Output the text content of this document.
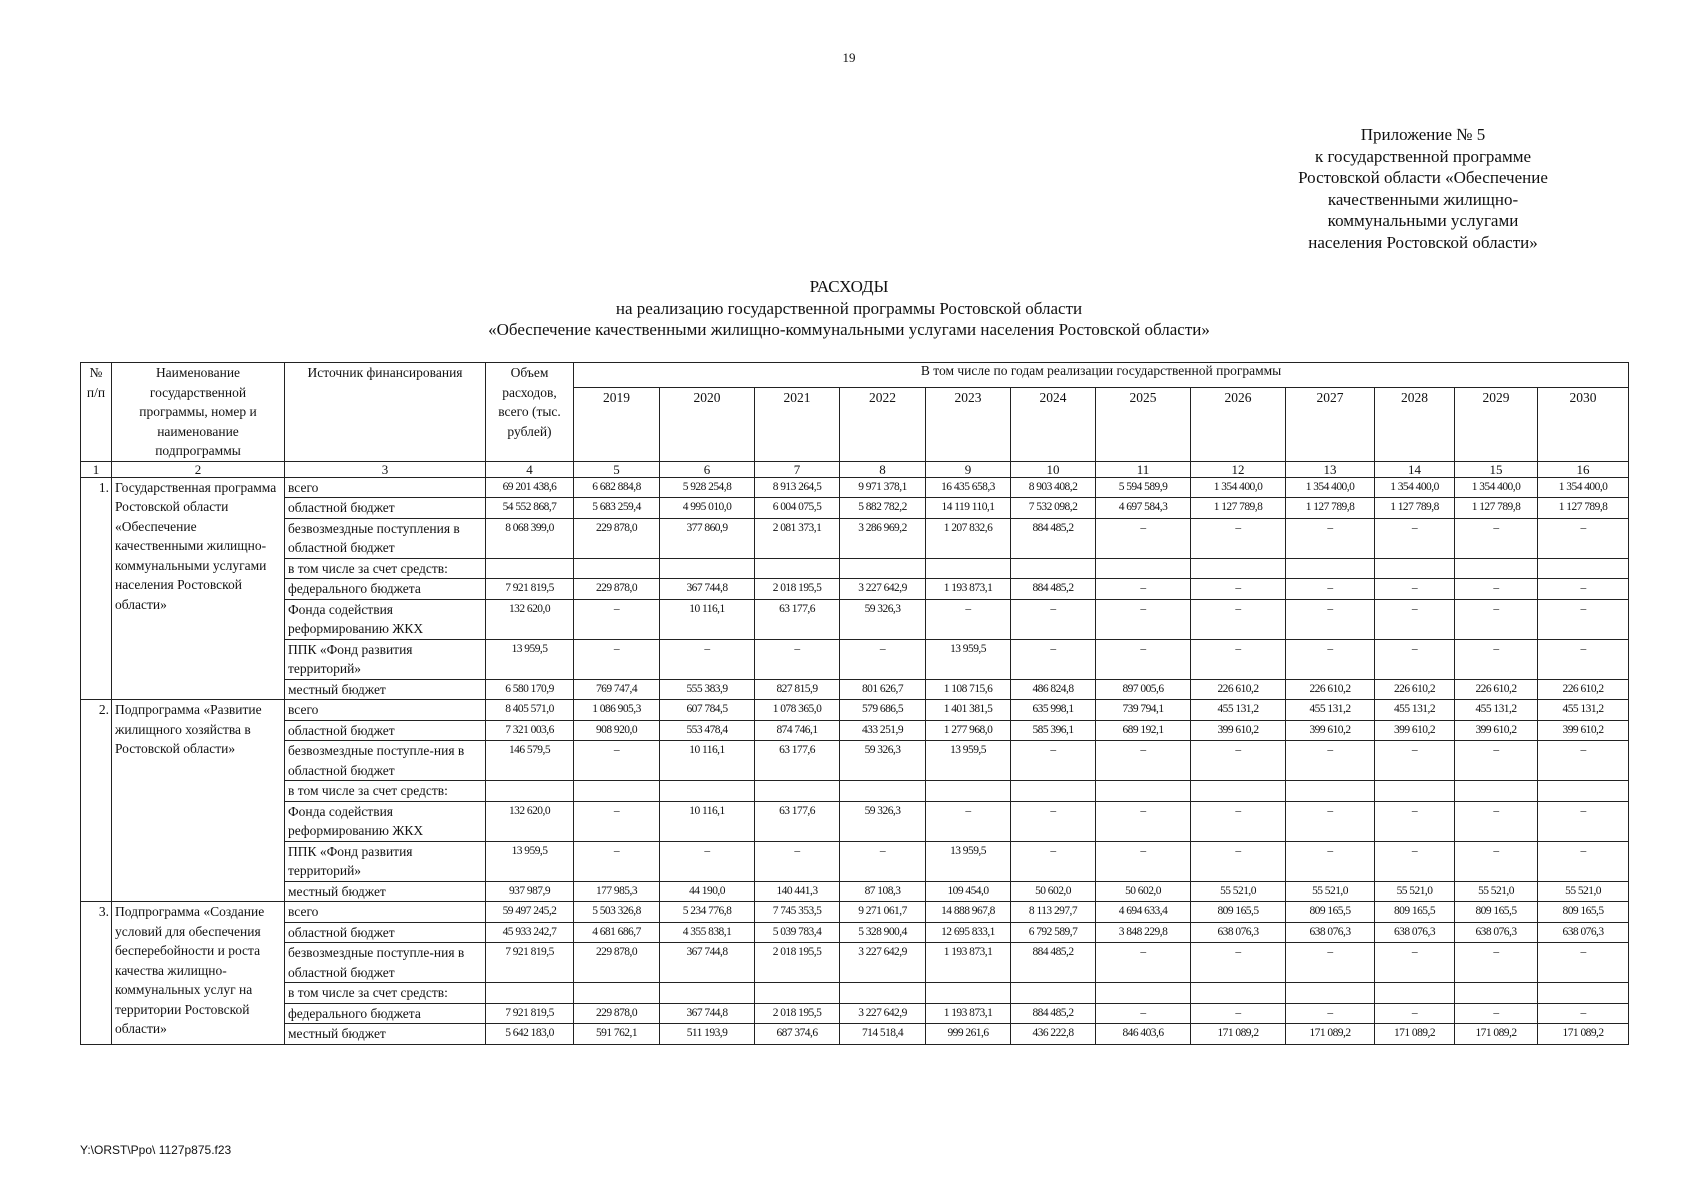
19
Приложение № 5
к государственной программе
Ростовской области «Обеспечение
качественными жилищно-
коммунальными услугами
населения Ростовской области»
РАСХОДЫ
на реализацию государственной программы Ростовской области
«Обеспечение качественными жилищно-коммунальными услугами населения Ростовской области»
№ п/п	Наименование государственной программы, номер и наименование подпрограммы	Источник финансирования	Объем расходов, всего (тыс. рублей)	В том числе по годам реализации государственной программы											
				2019	2020	2021	2022	2023	2024	2025	2026	2027	2028	2029	2030
1	2	3	4	5	6	7	8	9	10	11	12	13	14	15	16
1.	Государственная программа Ростовской области «Обеспечение качественными жилищно-коммунальными услугами населения Ростовской области»	всего	69 201 438,6	6 682 884,8	5 928 254,8	8 913 264,5	9 971 378,1	16 435 658,3	8 903 408,2	5 594 589,9	1 354 400,0	1 354 400,0	1 354 400,0	1 354 400,0	1 354 400,0
		областной бюджет	54 552 868,7	5 683 259,4	4 995 010,0	6 004 075,5	5 882 782,2	14 119 110,1	7 532 098,2	4 697 584,3	1 127 789,8	1 127 789,8	1 127 789,8	1 127 789,8	1 127 789,8
		безвозмездные поступления в областной бюджет	8 068 399,0	229 878,0	377 860,9	2 081 373,1	3 286 969,2	1 207 832,6	884 485,2	–	–	–	–	–	–
		в том числе за счет средств:													
		федерального бюджета	7 921 819,5	229 878,0	367 744,8	2 018 195,5	3 227 642,9	1 193 873,1	884 485,2	–	–	–	–	–	–
		Фонда содействия реформированию ЖКХ	132 620,0	–	10 116,1	63 177,6	59 326,3	–	–	–	–	–	–	–	–
		ППК «Фонд развития территорий»	13 959,5	–	–	–	–	13 959,5	–	–	–	–	–	–	–
		местный бюджет	6 580 170,9	769 747,4	555 383,9	827 815,9	801 626,7	1 108 715,6	486 824,8	897 005,6	226 610,2	226 610,2	226 610,2	226 610,2	226 610,2
2.	Подпрограмма «Развитие жилищного хозяйства в Ростовской области»	всего	8 405 571,0	1 086 905,3	607 784,5	1 078 365,0	579 686,5	1 401 381,5	635 998,1	739 794,1	455 131,2	455 131,2	455 131,2	455 131,2	455 131,2
		областной бюджет	7 321 003,6	908 920,0	553 478,4	874 746,1	433 251,9	1 277 968,0	585 396,1	689 192,1	399 610,2	399 610,2	399 610,2	399 610,2	399 610,2
		безвозмездные поступле-ния в областной бюджет	146 579,5	–	10 116,1	63 177,6	59 326,3	13 959,5	–	–	–	–	–	–	–
		в том числе за счет средств:													
		Фонда содействия реформированию ЖКХ	132 620,0	–	10 116,1	63 177,6	59 326,3	–	–	–	–	–	–	–	–
		ППК «Фонд развития территорий»	13 959,5	–	–	–	–	13 959,5	–	–	–	–	–	–	–
		местный бюджет	937 987,9	177 985,3	44 190,0	140 441,3	87 108,3	109 454,0	50 602,0	50 602,0	55 521,0	55 521,0	55 521,0	55 521,0	55 521,0
3.	Подпрограмма «Создание условий для обеспечения бесперебойности и роста качества жилищно-коммунальных услуг на территории Ростовской области»	всего	59 497 245,2	5 503 326,8	5 234 776,8	7 745 353,5	9 271 061,7	14 888 967,8	8 113 297,7	4 694 633,4	809 165,5	809 165,5	809 165,5	809 165,5	809 165,5
		областной бюджет	45 933 242,7	4 681 686,7	4 355 838,1	5 039 783,4	5 328 900,4	12 695 833,1	6 792 589,7	3 848 229,8	638 076,3	638 076,3	638 076,3	638 076,3	638 076,3
		безвозмездные поступле-ния в областной бюджет	7 921 819,5	229 878,0	367 744,8	2 018 195,5	3 227 642,9	1 193 873,1	884 485,2	–	–	–	–	–	–
		в том числе за счет средств:													
		федерального бюджета	7 921 819,5	229 878,0	367 744,8	2 018 195,5	3 227 642,9	1 193 873,1	884 485,2	–	–	–	–	–	–
		местный бюджет	5 642 183,0	591 762,1	511 193,9	687 374,6	714 518,4	999 261,6	436 222,8	846 403,6	171 089,2	171 089,2	171 089,2	171 089,2	171 089,2
Y:\ORST\Ppo\ 1127p875.f23
